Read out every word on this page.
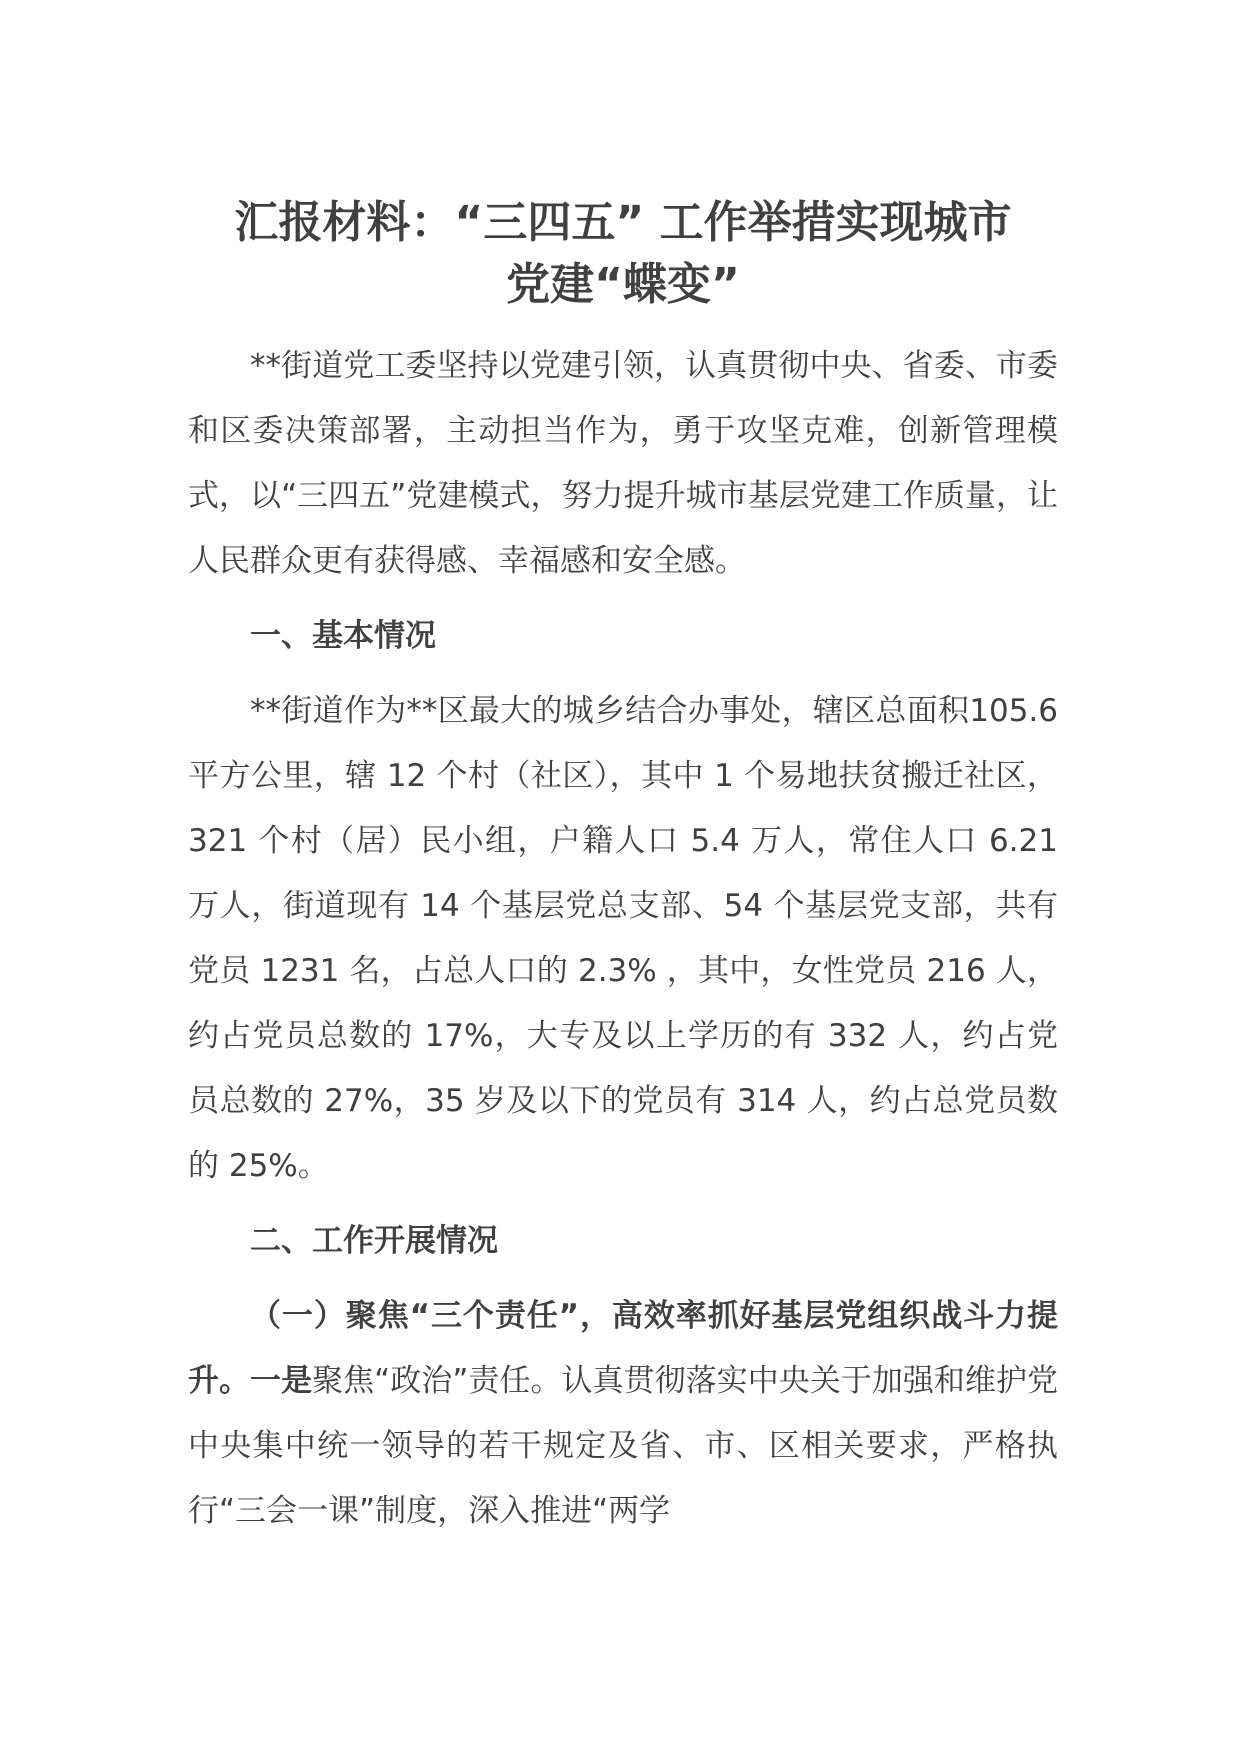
汇报材料：“三四五” 工作举措实现城市
党建“蝶变”

**街道党工委坚持以党建引领，认真贯彻中央、省委、市委和区委决策部署，主动担当作为，勇于攻坚克难，创新管理模式，以“三四五”党建模式，努力提升城市基层党建工作质量，让人民群众更有获得感、幸福感和安全感。

一、基本情况

**街道作为**区最大的城乡结合办事处，辖区总面积105.6 平方公里，辖 12 个村（社区），其中 1 个易地扶贫搬迁社区，321 个村（居）民小组，户籍人口 5.4 万人，常住人口 6.21 万人，街道现有 14 个基层党总支部、54 个基层党支部，共有党员 1231 名，占总人口的 2.3% ，其中，女性党员 216 人，约占党员总数的 17%，大专及以上学历的有 332 人，约占党员总数的 27%，35 岁及以下的党员有 314 人，约占总党员数的 25%。

二、工作开展情况

（一）聚焦“三个责任”，高效率抓好基层党组织战斗力提升。一是聚焦“政治”责任。认真贯彻落实中央关于加强和维护党中央集中统一领导的若干规定及省、市、区相关要求，严格执行“三会一课”制度，深入推进“两学
